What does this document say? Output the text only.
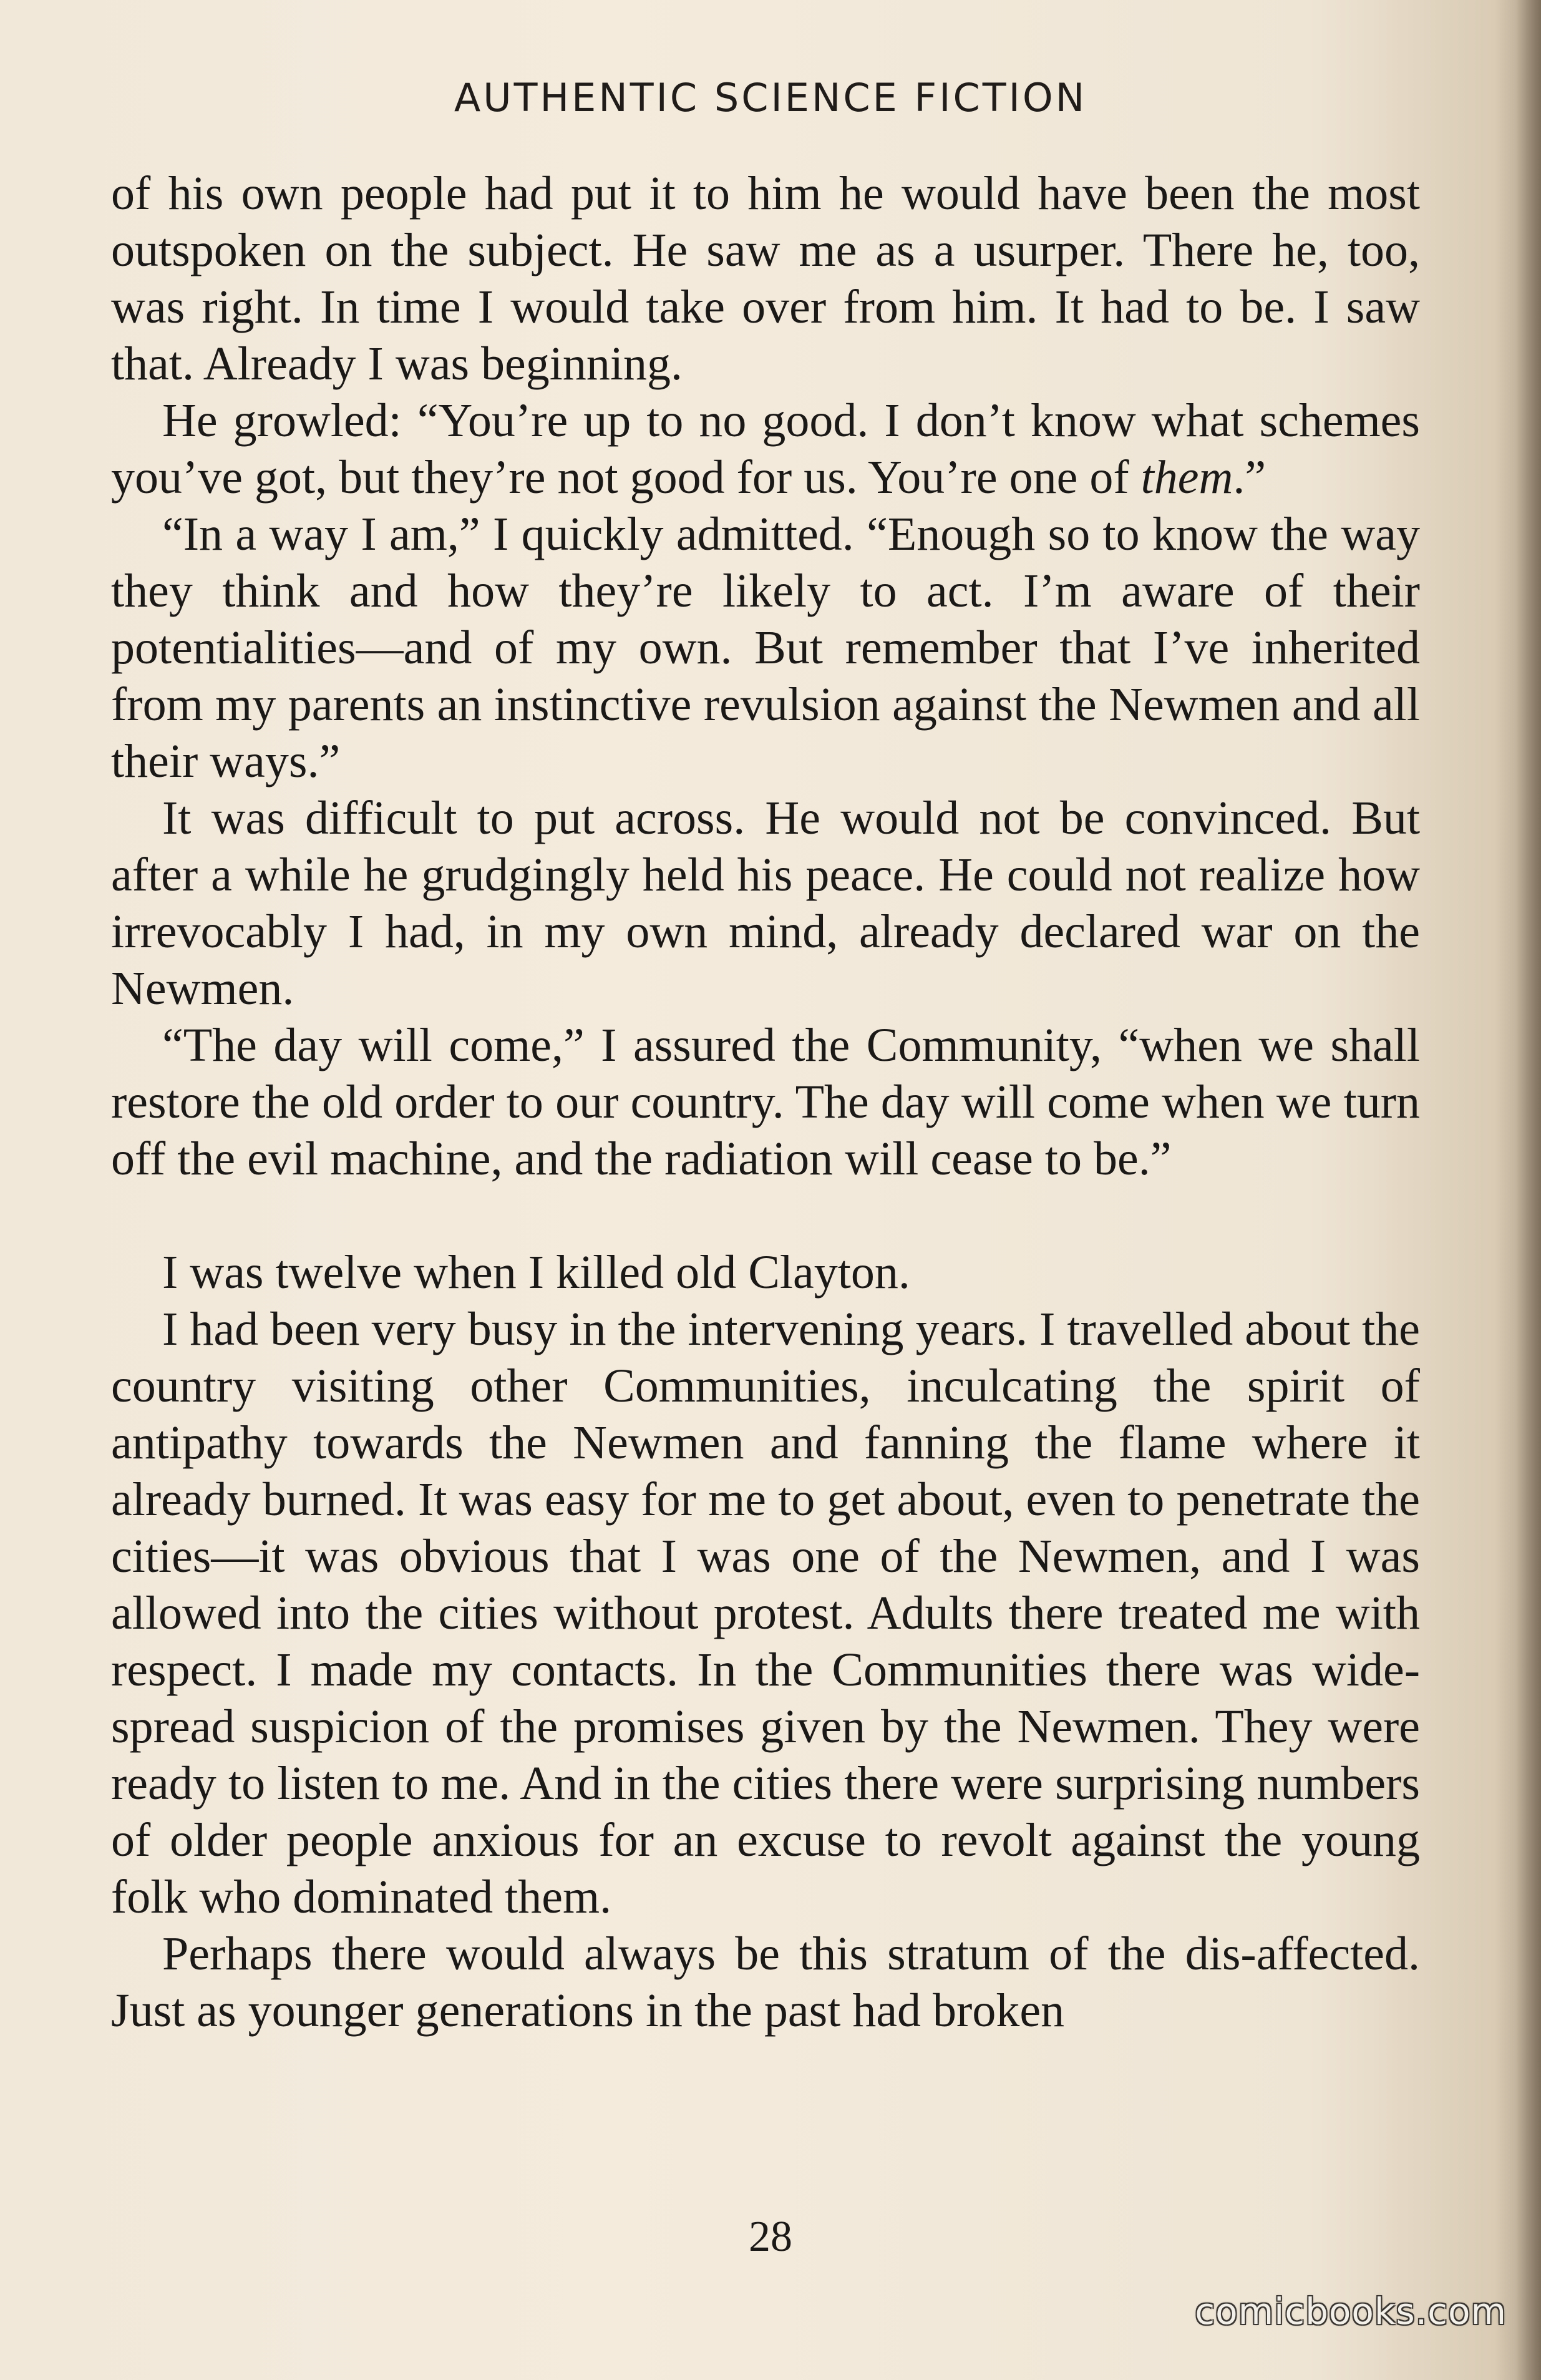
AUTHENTIC SCIENCE FICTION

of his own people had put it to him he would have been the most outspoken on the subject. He saw me as a usurper. There he, too, was right. In time I would take over from him. It had to be. I saw that. Already I was beginning.

He growled: “You’re up to no good. I don’t know what schemes you’ve got, but they’re not good for us. You’re one of them.”

“In a way I am,” I quickly admitted. “Enough so to know the way they think and how they’re likely to act. I’m aware of their potentialities—and of my own. But remember that I’ve inherited from my parents an instinctive revulsion against the Newmen and all their ways.”

It was difficult to put across. He would not be convinced. But after a while he grudgingly held his peace. He could not realize how irrevocably I had, in my own mind, already declared war on the Newmen.

“The day will come,” I assured the Community, “when we shall restore the old order to our country. The day will come when we turn off the evil machine, and the radiation will cease to be.”

I was twelve when I killed old Clayton.

I had been very busy in the intervening years. I travelled about the country visiting other Communities, inculcating the spirit of antipathy towards the Newmen and fanning the flame where it already burned. It was easy for me to get about, even to penetrate the cities—it was obvious that I was one of the Newmen, and I was allowed into the cities without protest. Adults there treated me with respect. I made my contacts. In the Communities there was wide-spread suspicion of the promises given by the Newmen. They were ready to listen to me. And in the cities there were surprising numbers of older people anxious for an excuse to revolt against the young folk who dominated them.

Perhaps there would always be this stratum of the dis-affected. Just as younger generations in the past had broken

28
comicbooks.com
